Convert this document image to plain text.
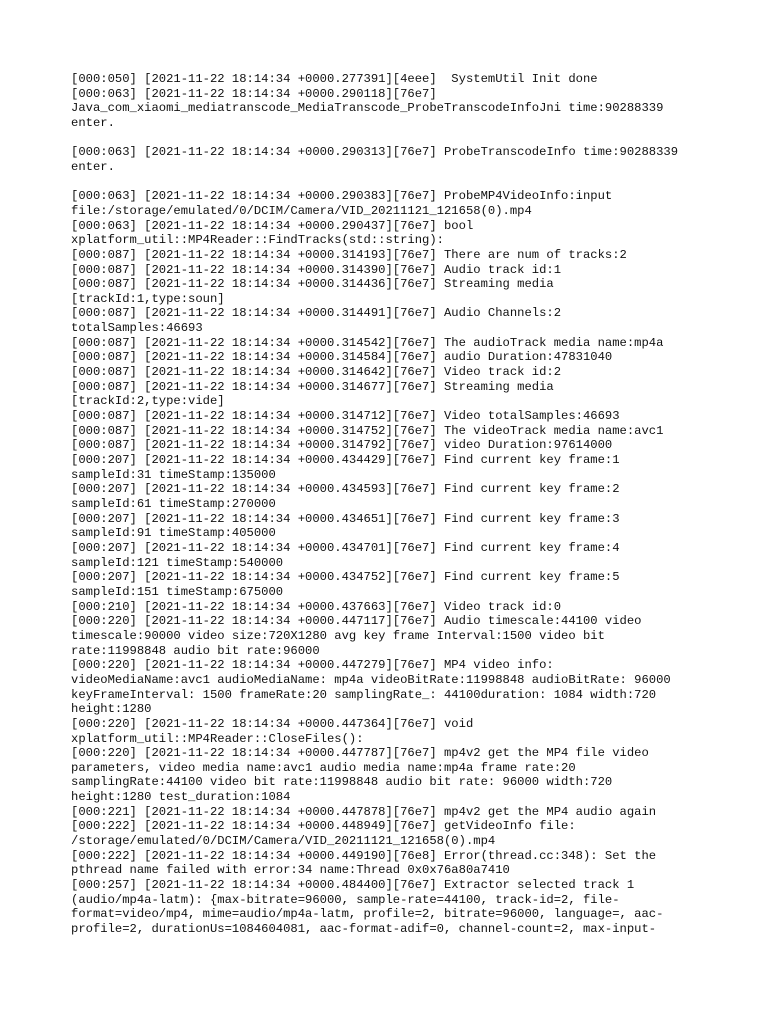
[000:050] [2021-11-22 18:14:34 +0000.277391][4eee]  SystemUtil Init done

[000:063] [2021-11-22 18:14:34 +0000.290118][76e7]

Java_com_xiaomi_mediatranscode_MediaTranscode_ProbeTranscodeInfoJni time:90288339

enter.

[000:063] [2021-11-22 18:14:34 +0000.290313][76e7] ProbeTranscodeInfo time:90288339

enter.

[000:063] [2021-11-22 18:14:34 +0000.290383][76e7] ProbeMP4VideoInfo:input

file:/storage/emulated/0/DCIM/Camera/VID_20211121_121658(0).mp4

[000:063] [2021-11-22 18:14:34 +0000.290437][76e7] bool

xplatform_util::MP4Reader::FindTracks(std::string):

[000:087] [2021-11-22 18:14:34 +0000.314193][76e7] There are num of tracks:2

[000:087] [2021-11-22 18:14:34 +0000.314390][76e7] Audio track id:1

[000:087] [2021-11-22 18:14:34 +0000.314436][76e7] Streaming media

[trackId:1,type:soun]

[000:087] [2021-11-22 18:14:34 +0000.314491][76e7] Audio Channels:2

totalSamples:46693

[000:087] [2021-11-22 18:14:34 +0000.314542][76e7] The audioTrack media name:mp4a

[000:087] [2021-11-22 18:14:34 +0000.314584][76e7] audio Duration:47831040

[000:087] [2021-11-22 18:14:34 +0000.314642][76e7] Video track id:2

[000:087] [2021-11-22 18:14:34 +0000.314677][76e7] Streaming media

[trackId:2,type:vide]

[000:087] [2021-11-22 18:14:34 +0000.314712][76e7] Video totalSamples:46693

[000:087] [2021-11-22 18:14:34 +0000.314752][76e7] The videoTrack media name:avc1

[000:087] [2021-11-22 18:14:34 +0000.314792][76e7] video Duration:97614000

[000:207] [2021-11-22 18:14:34 +0000.434429][76e7] Find current key frame:1

sampleId:31 timeStamp:135000

[000:207] [2021-11-22 18:14:34 +0000.434593][76e7] Find current key frame:2

sampleId:61 timeStamp:270000

[000:207] [2021-11-22 18:14:34 +0000.434651][76e7] Find current key frame:3

sampleId:91 timeStamp:405000

[000:207] [2021-11-22 18:14:34 +0000.434701][76e7] Find current key frame:4

sampleId:121 timeStamp:540000

[000:207] [2021-11-22 18:14:34 +0000.434752][76e7] Find current key frame:5

sampleId:151 timeStamp:675000

[000:210] [2021-11-22 18:14:34 +0000.437663][76e7] Video track id:0

[000:220] [2021-11-22 18:14:34 +0000.447117][76e7] Audio timescale:44100 video

timescale:90000 video size:720X1280 avg key frame Interval:1500 video bit

rate:11998848 audio bit rate:96000

[000:220] [2021-11-22 18:14:34 +0000.447279][76e7] MP4 video info:

videoMediaName:avc1 audioMediaName: mp4a videoBitRate:11998848 audioBitRate: 96000

keyFrameInterval: 1500 frameRate:20 samplingRate_: 44100duration: 1084 width:720

height:1280

[000:220] [2021-11-22 18:14:34 +0000.447364][76e7] void

xplatform_util::MP4Reader::CloseFiles():

[000:220] [2021-11-22 18:14:34 +0000.447787][76e7] mp4v2 get the MP4 file video

parameters, video media name:avc1 audio media name:mp4a frame rate:20

samplingRate:44100 video bit rate:11998848 audio bit rate: 96000 width:720

height:1280 test_duration:1084

[000:221] [2021-11-22 18:14:34 +0000.447878][76e7] mp4v2 get the MP4 audio again

[000:222] [2021-11-22 18:14:34 +0000.448949][76e7] getVideoInfo file:

/storage/emulated/0/DCIM/Camera/VID_20211121_121658(0).mp4

[000:222] [2021-11-22 18:14:34 +0000.449190][76e8] Error(thread.cc:348): Set the

pthread name failed with error:34 name:Thread 0x0x76a80a7410

[000:257] [2021-11-22 18:14:34 +0000.484400][76e7] Extractor selected track 1

(audio/mp4a-latm): {max-bitrate=96000, sample-rate=44100, track-id=2, file-

format=video/mp4, mime=audio/mp4a-latm, profile=2, bitrate=96000, language=, aac-

profile=2, durationUs=1084604081, aac-format-adif=0, channel-count=2, max-input-
